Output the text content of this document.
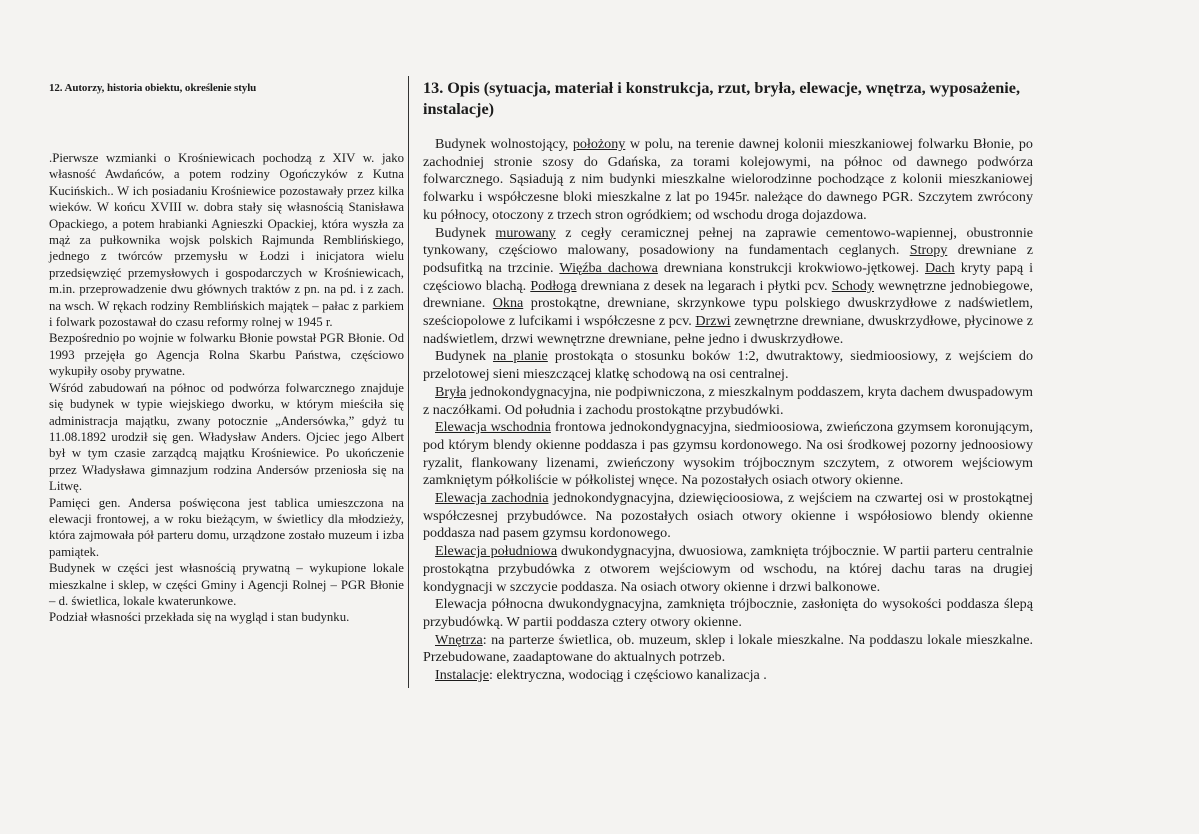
12. Autorzy, historia obiektu, określenie stylu

.Pierwsze wzmianki o Krośniewicach pochodzą z XIV w. jako własność Awdańców, a potem rodziny Ogończyków z Kutna Kucińskich.. W ich posiadaniu Krośniewice pozostawały przez kilka wieków. W końcu XVIII w. dobra stały się własnością Stanisława Opackiego, a potem hrabianki Agnieszki Opackiej, która wyszła za mąż za pułkownika wojsk polskich Rajmunda Remblińskiego, jednego z twórców przemysłu w Łodzi i inicjatora wielu przedsięwzięć przemysłowych i gospodarczych w Krośniewicach, m.in. przeprowadzenie dwu głównych traktów z pn. na pd. i z zach. na wsch. W rękach rodziny Remblińskich majątek – pałac z parkiem i folwark pozostawał do czasu reformy rolnej w 1945 r.

Bezpośrednio po wojnie w folwarku Błonie powstał PGR Błonie. Od 1993 przejęła go Agencja Rolna Skarbu Państwa, częściowo wykupiły osoby prywatne.

Wśród zabudowań na północ od podwórza folwarcznego znajduje się budynek w typie wiejskiego dworku, w którym mieściła się administracja majątku, zwany potocznie „Andersówka,” gdyż tu 11.08.1892 urodził się gen. Władysław Anders. Ojciec jego Albert był w tym czasie zarządcą majątku Krośniewice. Po ukończenie przez Władysława gimnazjum rodzina Andersów przeniosła się na Litwę.

Pamięci gen. Andersa poświęcona jest tablica umieszczona na elewacji frontowej, a w roku bieżącym, w świetlicy dla młodzieży, która zajmowała pół parteru domu, urządzone zostało muzeum i izba pamiątek.

Budynek w części jest własnością prywatną – wykupione lokale mieszkalne i sklep, w części Gminy i Agencji Rolnej – PGR Błonie – d. świetlica, lokale kwaterunkowe.

Podział własności przekłada się na wygląd i stan budynku.

13. Opis (sytuacja, materiał i konstrukcja, rzut, bryła, elewacje, wnętrza, wyposażenie, instalacje)

Budynek wolnostojący, położony w polu, na terenie dawnej kolonii mieszkaniowej folwarku Błonie, po zachodniej stronie szosy do Gdańska, za torami kolejowymi, na północ od dawnego podwórza folwarcznego. Sąsiadują z nim budynki mieszkalne wielorodzinne pochodzące z kolonii mieszkaniowej folwarku i współczesne bloki mieszkalne z lat po 1945r. należące do dawnego PGR. Szczytem zwrócony ku północy, otoczony z trzech stron ogródkiem; od wschodu droga dojazdowa.

Budynek murowany z cegły ceramicznej pełnej na zaprawie cementowo-wapiennej, obustronnie tynkowany, częściowo malowany, posadowiony na fundamentach ceglanych. Stropy drewniane z podsufitką na trzcinie. Więźba dachowa drewniana konstrukcji krokwiowo-jętkowej. Dach kryty papą i częściowo blachą. Podłoga drewniana z desek na legarach i płytki pcv. Schody wewnętrzne jednobiegowe, drewniane. Okna prostokątne, drewniane, skrzynkowe typu polskiego dwuskrzydłowe z nadświetlem, sześciopolowe z lufcikami i współczesne z pcv. Drzwi zewnętrzne drewniane, dwuskrzydłowe, płycinowe z nadświetlem, drzwi wewnętrzne drewniane, pełne jedno i dwuskrzydłowe.

Budynek na planie prostokąta o stosunku boków 1:2, dwutraktowy, siedmioosiowy, z wejściem do przelotowej sieni mieszczącej klatkę schodową na osi centralnej.

Bryła jednokondygnacyjna, nie podpiwniczona, z mieszkalnym poddaszem, kryta dachem dwuspadowym z naczółkami. Od południa i zachodu prostokątne przybudówki.

Elewacja wschodnia frontowa jednokondygnacyjna, siedmioosiowa, zwieńczona gzymsem koronującym, pod którym blendy okienne poddasza i pas gzymsu kordonowego. Na osi środkowej pozorny jednoosiowy ryzalit, flankowany lizenami, zwieńczony wysokim trójbocznym szczytem, z otworem wejściowym zamkniętym półkoliście w półkolistej wnęce. Na pozostałych osiach otwory okienne.

Elewacja zachodnia jednokondygnacyjna, dziewięcioosiowa, z wejściem na czwartej osi w prostokątnej współczesnej przybudówce. Na pozostałych osiach otwory okienne i współosiowo blendy okienne poddasza nad pasem gzymsu kordonowego.

Elewacja południowa dwukondygnacyjna, dwuosiowa, zamknięta trójbocznie. W partii parteru centralnie prostokątna przybudówka z otworem wejściowym od wschodu, na której dachu taras na drugiej kondygnacji w szczycie poddasza. Na osiach otwory okienne i drzwi balkonowe.

Elewacja północna dwukondygnacyjna, zamknięta trójbocznie, zasłonięta do wysokości poddasza ślepą przybudówką. W partii poddasza cztery otwory okienne.

Wnętrza: na parterze świetlica, ob. muzeum, sklep i lokale mieszkalne. Na poddaszu lokale mieszkalne. Przebudowane, zaadaptowane do aktualnych potrzeb.

Instalacje: elektryczna, wodociąg i częściowo kanalizacja .
